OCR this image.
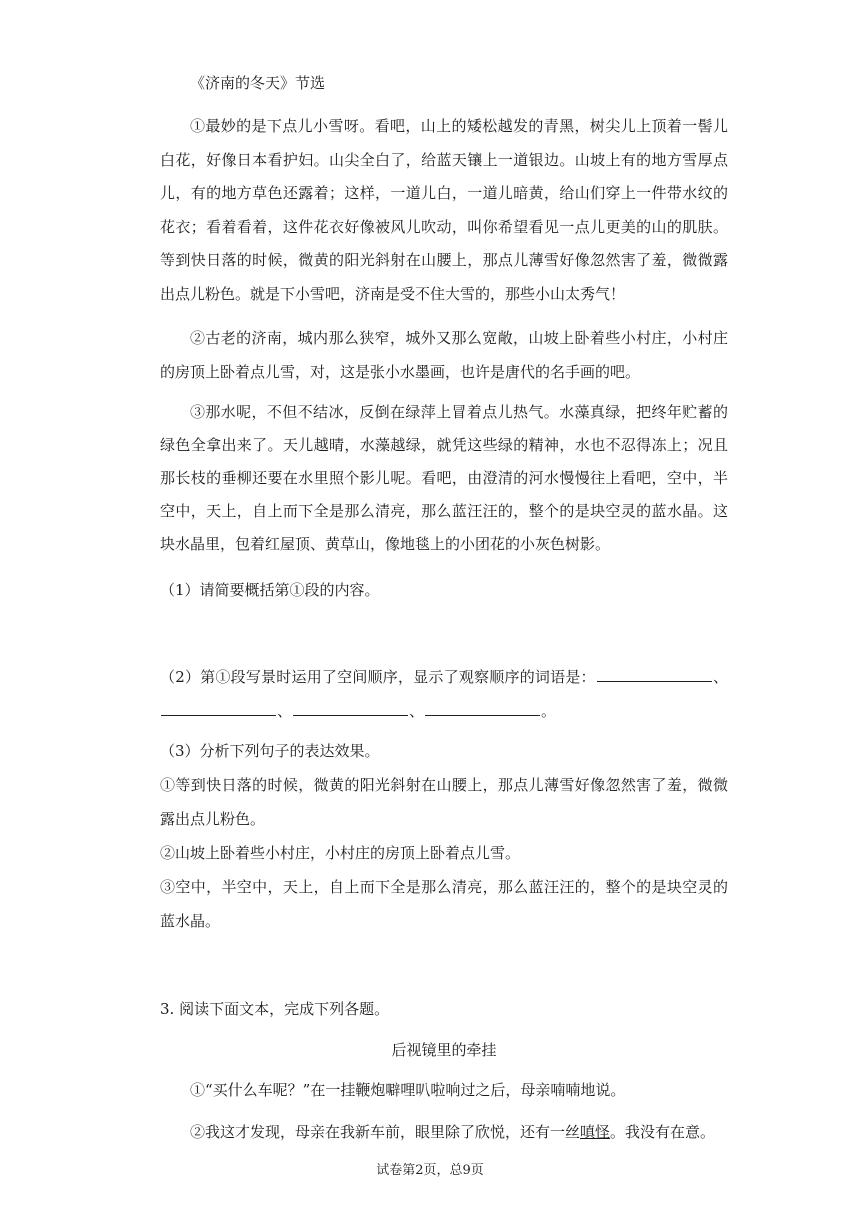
《济南的冬天》节选
①最妙的是下点儿小雪呀。看吧，山上的矮松越发的青黑，树尖儿上顶着一髻儿白花，好像日本看护妇。山尖全白了，给蓝天镶上一道银边。山坡上有的地方雪厚点儿，有的地方草色还露着；这样，一道儿白，一道儿暗黄，给山们穿上一件带水纹的花衣；看着看着，这件花衣好像被风儿吹动，叫你希望看见一点儿更美的山的肌肤。等到快日落的时候，微黄的阳光斜射在山腰上，那点儿薄雪好像忽然害了羞，微微露出点儿粉色。就是下小雪吧，济南是受不住大雪的，那些小山太秀气！
②古老的济南，城内那么狭窄，城外又那么宽敞，山坡上卧着些小村庄，小村庄的房顶上卧着点儿雪，对，这是张小水墨画，也许是唐代的名手画的吧。
③那水呢，不但不结冰，反倒在绿萍上冒着点儿热气。水藻真绿，把终年贮蓄的绿色全拿出来了。天儿越晴，水藻越绿，就凭这些绿的精神，水也不忍得冻上；况且那长枝的垂柳还要在水里照个影儿呢。看吧，由澄清的河水慢慢往上看吧，空中，半空中，天上，自上而下全是那么清亮，那么蓝汪汪的，整个的是块空灵的蓝水晶。这块水晶里，包着红屋顶、黄草山，像地毯上的小团花的小灰色树影。
（1）请简要概括第①段的内容。
（2）第①段写景时运用了空间顺序，显示了观察顺序的词语是：	、、	、	。
（3）分析下列句子的表达效果。
①等到快日落的时候，微黄的阳光斜射在山腰上，那点儿薄雪好像忽然害了羞，微微露出点儿粉色。
②山坡上卧着些小村庄，小村庄的房顶上卧着点儿雪。
③空中，半空中，天上，自上而下全是那么清亮，那么蓝汪汪的，整个的是块空灵的蓝水晶。
3. 阅读下面文本，完成下列各题。
后视镜里的牵挂
①“买什么车呢？”在一挂鞭炮噼哩叭啦响过之后，母亲喃喃地说。
②我这才发现，母亲在我新车前，眼里除了欣悦，还有一丝嗔怪。我没有在意。
试卷第2页，总9页
